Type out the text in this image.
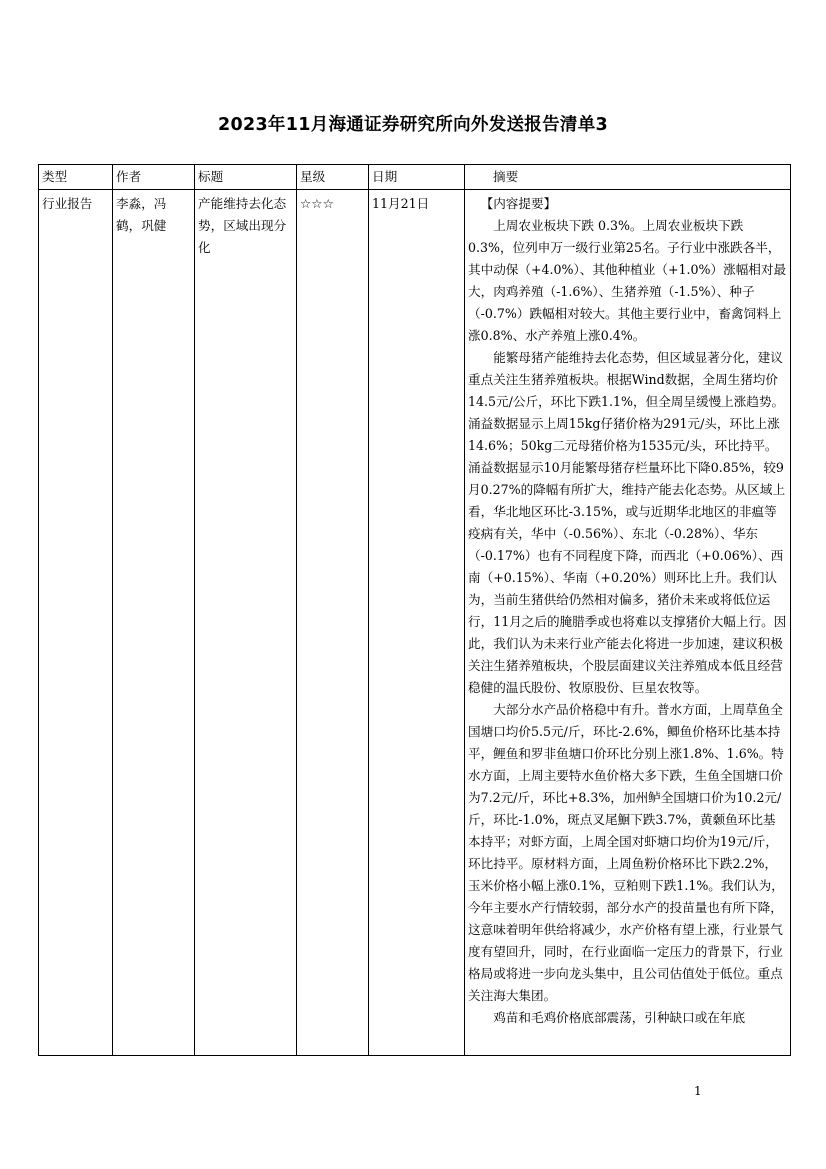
2023年11月海通证券研究所向外发送报告清单3
类型	作者	标题	星级	日期	摘要
行业报告	李淼，冯鹤，巩健	产能维持去化态势，区域出现分化	☆☆☆	11月21日	【内容提要】

上周农业板块下跌 0.3%。上周农业板块下跌0.3%，位列申万一级行业第25名。子行业中涨跌各半，其中动保（+4.0%）、其他种植业（+1.0%）涨幅相对最大，肉鸡养殖（-1.6%）、生猪养殖（-1.5%）、种子（-0.7%）跌幅相对较大。其他主要行业中，畜禽饲料上涨0.8%、水产养殖上涨0.4%。

能繁母猪产能维持去化态势，但区域显著分化，建议重点关注生猪养殖板块。根据Wind数据，全周生猪均价14.5元/公斤，环比下跌1.1%，但全周呈缓慢上涨趋势。涌益数据显示上周15kg仔猪价格为291元/头，环比上涨14.6%；50kg二元母猪价格为1535元/头，环比持平。涌益数据显示10月能繁母猪存栏量环比下降0.85%，较9月0.27%的降幅有所扩大，维持产能去化态势。从区域上看，华北地区环比-3.15%，或与近期华北地区的非瘟等疫病有关，华中（-0.56%）、东北（-0.28%）、华东（-0.17%）也有不同程度下降，而西北（+0.06%）、西南（+0.15%）、华南（+0.20%）则环比上升。我们认为，当前生猪供给仍然相对偏多，猪价未来或将低位运行，11月之后的腌腊季或也将难以支撑猪价大幅上行。因此，我们认为未来行业产能去化将进一步加速，建议积极关注生猪养殖板块，个股层面建议关注养殖成本低且经营稳健的温氏股份、牧原股份、巨星农牧等。

大部分水产品价格稳中有升。普水方面，上周草鱼全国塘口均价5.5元/斤，环比-2.6%，鲫鱼价格环比基本持平，鲤鱼和罗非鱼塘口价环比分别上涨1.8%、1.6%。特水方面，上周主要特水鱼价格大多下跌，生鱼全国塘口价为7.2元/斤，环比+8.3%，加州鲈全国塘口价为10.2元/斤，环比-1.0%，斑点叉尾鮰下跌3.7%，黄颡鱼环比基本持平；对虾方面，上周全国对虾塘口均价为19元/斤，环比持平。原材料方面，上周鱼粉价格环比下跌2.2%，玉米价格小幅上涨0.1%，豆粕则下跌1.1%。我们认为，今年主要水产行情较弱，部分水产的投苗量也有所下降，这意味着明年供给将减少，水产价格有望上涨，行业景气度有望回升，同时，在行业面临一定压力的背景下，行业格局或将进一步向龙头集中，且公司估值处于低位。重点关注海大集团。

鸡苗和毛鸡价格底部震荡，引种缺口或在年底

1
